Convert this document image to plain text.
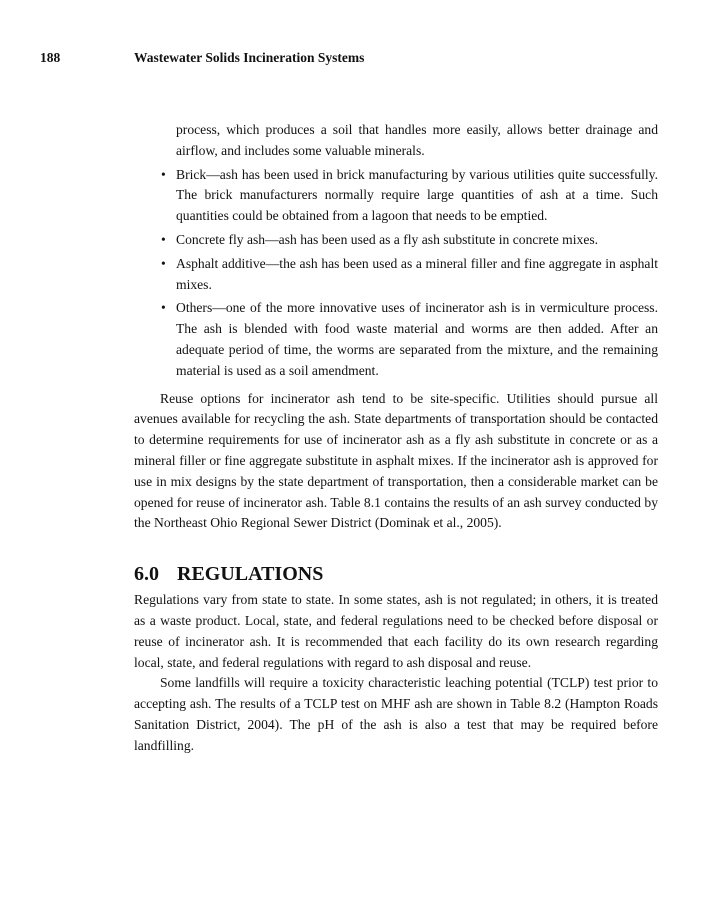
188	Wastewater Solids Incineration Systems

process, which produces a soil that handles more easily, allows better drainage and airflow, and includes some valuable minerals.

• Brick—ash has been used in brick manufacturing by various utilities quite successfully. The brick manufacturers normally require large quantities of ash at a time. Such quantities could be obtained from a lagoon that needs to be emptied.
• Concrete fly ash—ash has been used as a fly ash substitute in concrete mixes.
• Asphalt additive—the ash has been used as a mineral filler and fine aggregate in asphalt mixes.
• Others—one of the more innovative uses of incinerator ash is in vermiculture process. The ash is blended with food waste material and worms are then added. After an adequate period of time, the worms are separated from the mixture, and the remaining material is used as a soil amendment.

Reuse options for incinerator ash tend to be site-specific. Utilities should pursue all avenues available for recycling the ash. State departments of transportation should be contacted to determine requirements for use of incinerator ash as a fly ash substitute in concrete or as a mineral filler or fine aggregate substitute in asphalt mixes. If the incinerator ash is approved for use in mix designs by the state department of transportation, then a considerable market can be opened for reuse of incinerator ash. Table 8.1 contains the results of an ash survey conducted by the Northeast Ohio Regional Sewer District (Dominak et al., 2005).

6.0 REGULATIONS

Regulations vary from state to state. In some states, ash is not regulated; in others, it is treated as a waste product. Local, state, and federal regulations need to be checked before disposal or reuse of incinerator ash. It is recommended that each facility do its own research regarding local, state, and federal regulations with regard to ash disposal and reuse.

Some landfills will require a toxicity characteristic leaching potential (TCLP) test prior to accepting ash. The results of a TCLP test on MHF ash are shown in Table 8.2 (Hampton Roads Sanitation District, 2004). The pH of the ash is also a test that may be required before landfilling.
